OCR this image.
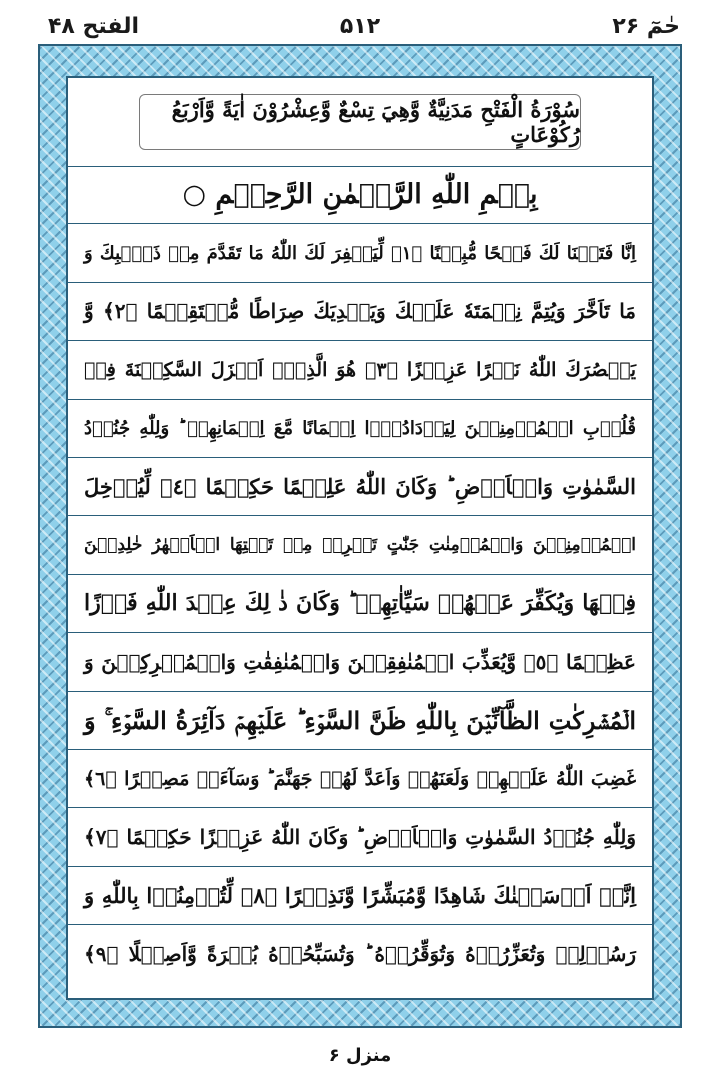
الفتح ۴۸	۵۱۲	حٰمٓ ۲۶
سُوْرَةُ الْفَتْحِ مَدَنِيَّةٌ وَّهِيَ تِسْعٌ وَّعِشْرُوْنَ اٰيَةً وَّاَرْبَعُ رُكُوْعَاتٍ
بِسۡمِ اللّٰهِ الرَّحۡمٰنِ الرَّحِيۡمِ ○
اِنَّا فَتَحۡنَا لَكَ فَتۡحًا مُّبِيۡنًا ﴿١﴾ لِّيَغۡفِرَ لَكَ اللّٰهُ مَا تَقَدَّمَ مِنۡ ذَنۡۢبِكَ وَ
مَا تَاَخَّرَ وَيُتِمَّ نِعۡمَتَهٗ عَلَيۡكَ وَيَهۡدِيَكَ صِرَاطًا مُّسۡتَقِيۡمًا ﴿٢﴾ وَّ
يَنۡصُرَكَ اللّٰهُ نَصۡرًا عَزِيۡزًا ﴿٣﴾ هُوَ الَّذِىۡۤ اَنۡزَلَ السَّكِيۡنَةَ فِىۡ
قُلُوۡبِ الۡمُؤۡمِنِيۡنَ لِيَزۡدَادُوۡۤا اِيۡمَانًا مَّعَ اِيۡمَانِهِمۡ ؕ وَلِلّٰهِ جُنُوۡدُ
السَّمٰوٰتِ وَالۡاَرۡضِ ؕ وَكَانَ اللّٰهُ عَلِيۡمًا حَكِيۡمًا ﴿٤﴾ لِّيُدۡخِلَ
الۡمُؤۡمِنِيۡنَ وَالۡمُؤۡمِنٰتِ جَنّٰتٍ تَجۡرِىۡ مِنۡ تَحۡتِهَا الۡاَنۡهٰرُ خٰلِدِيۡنَ
فِيۡهَا وَيُكَفِّرَ عَنۡهُمۡ سَيِّاٰتِهِمۡ ؕ وَكَانَ ذٰ لِكَ عِنۡدَ اللّٰهِ فَوۡزًا
عَظِيۡمًا ﴿٥﴾ وَّيُعَذِّبَ الۡمُنٰفِقِيۡنَ وَالۡمُنٰفِقٰتِ وَالۡمُشۡرِكِيۡنَ وَ
الۡمُشۡرِكٰتِ الظَّآنِّيۡنَ بِاللّٰهِ ظَنَّ السَّوۡءِ ؕ عَلَيۡهِمۡ دَآئِرَةُ السَّوۡءِ ۚ وَ
غَضِبَ اللّٰهُ عَلَيۡهِمۡ وَلَعَنَهُمۡ وَاَعَدَّ لَهُمۡ جَهَنَّمَ ؕ وَسَآءَتۡ مَصِيۡرًا ﴿٦﴾
وَلِلّٰهِ جُنُوۡدُ السَّمٰوٰتِ وَالۡاَرۡضِ ؕ وَكَانَ اللّٰهُ عَزِيۡزًا حَكِيۡمًا ﴿٧﴾
اِنَّاۤ اَرۡسَلۡنٰكَ شَاهِدًا وَّمُبَشِّرًا وَّنَذِيۡرًا ﴿٨﴾ لِّتُؤۡمِنُوۡا بِاللّٰهِ وَ
رَسُوۡلِهٖ وَتُعَزِّرُوۡهُ وَتُوَقِّرُوۡهُ ؕ وَتُسَبِّحُوۡهُ بُكۡرَةً وَّاَصِيۡلًا ﴿٩﴾
منزل ۶
